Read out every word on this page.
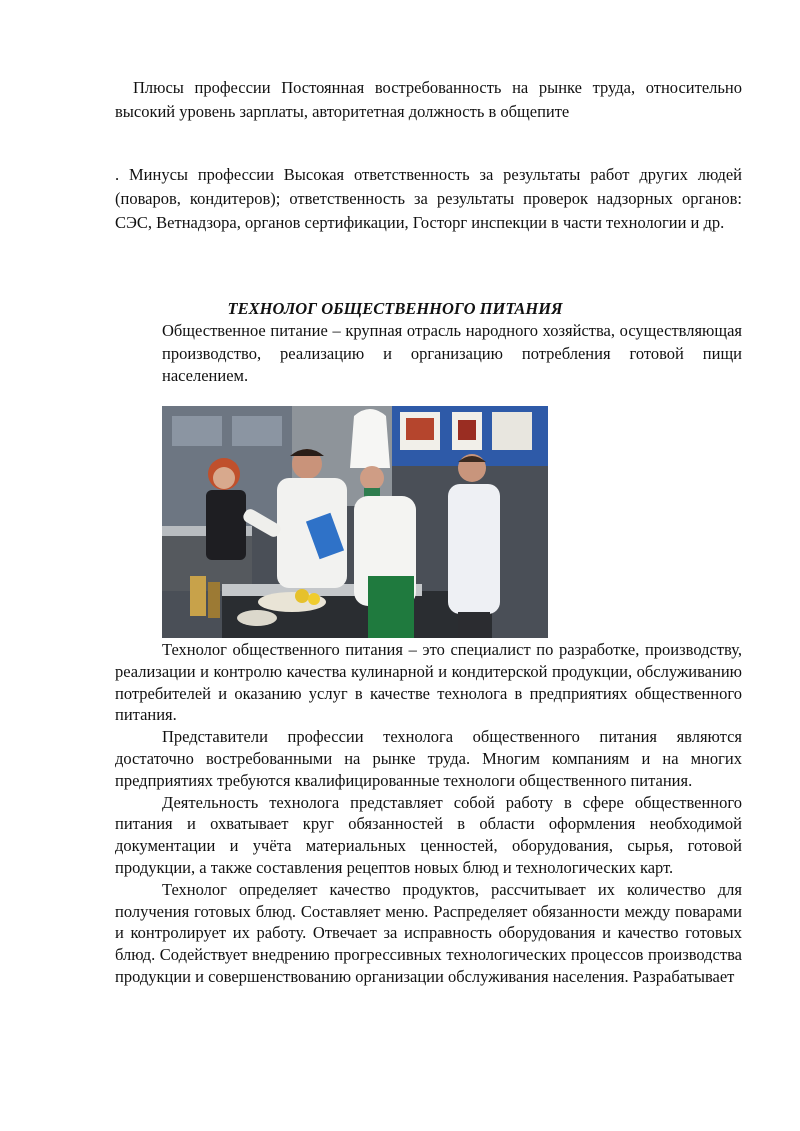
Плюсы профессии Постоянная востребованность на рынке труда, относительно высокий уровень зарплаты, авторитетная должность в общепите

. Минусы профессии Высокая ответственность за результаты работ других людей (поваров, кондитеров); ответственность за результаты проверок надзорных органов: СЭС, Ветнадзора, органов сертификации, Госторг инспекции в части технологии и др.

ТЕХНОЛОГ ОБЩЕСТВЕННОГО ПИТАНИЯ

Общественное питание – крупная отрасль народного хозяйства, осуществляющая производство, реализацию и организацию потребления готовой пищи населением.

Технолог общественного питания – это специалист по разработке, производству, реализации и контролю качества кулинарной и кондитерской продукции, обслуживанию потребителей и оказанию услуг в качестве технолога в предприятиях общественного питания.

Представители профессии технолога общественного питания являются достаточно востребованными на рынке труда. Многим компаниям и на многих предприятиях требуются квалифицированные технологи общественного питания.

Деятельность технолога представляет собой работу в сфере общественного питания и охватывает круг обязанностей в области оформления необходимой документации и учёта материальных ценностей, оборудования, сырья, готовой продукции, а также составления рецептов новых блюд и технологических карт.

Технолог определяет качество продуктов, рассчитывает их количество для получения готовых блюд. Составляет меню. Распределяет обязанности между поварами и контролирует их работу. Отвечает за исправность оборудования и качество готовых блюд. Содействует внедрению прогрессивных технологических процессов производства продукции и совершенствованию организации обслуживания населения. Разрабатывает
